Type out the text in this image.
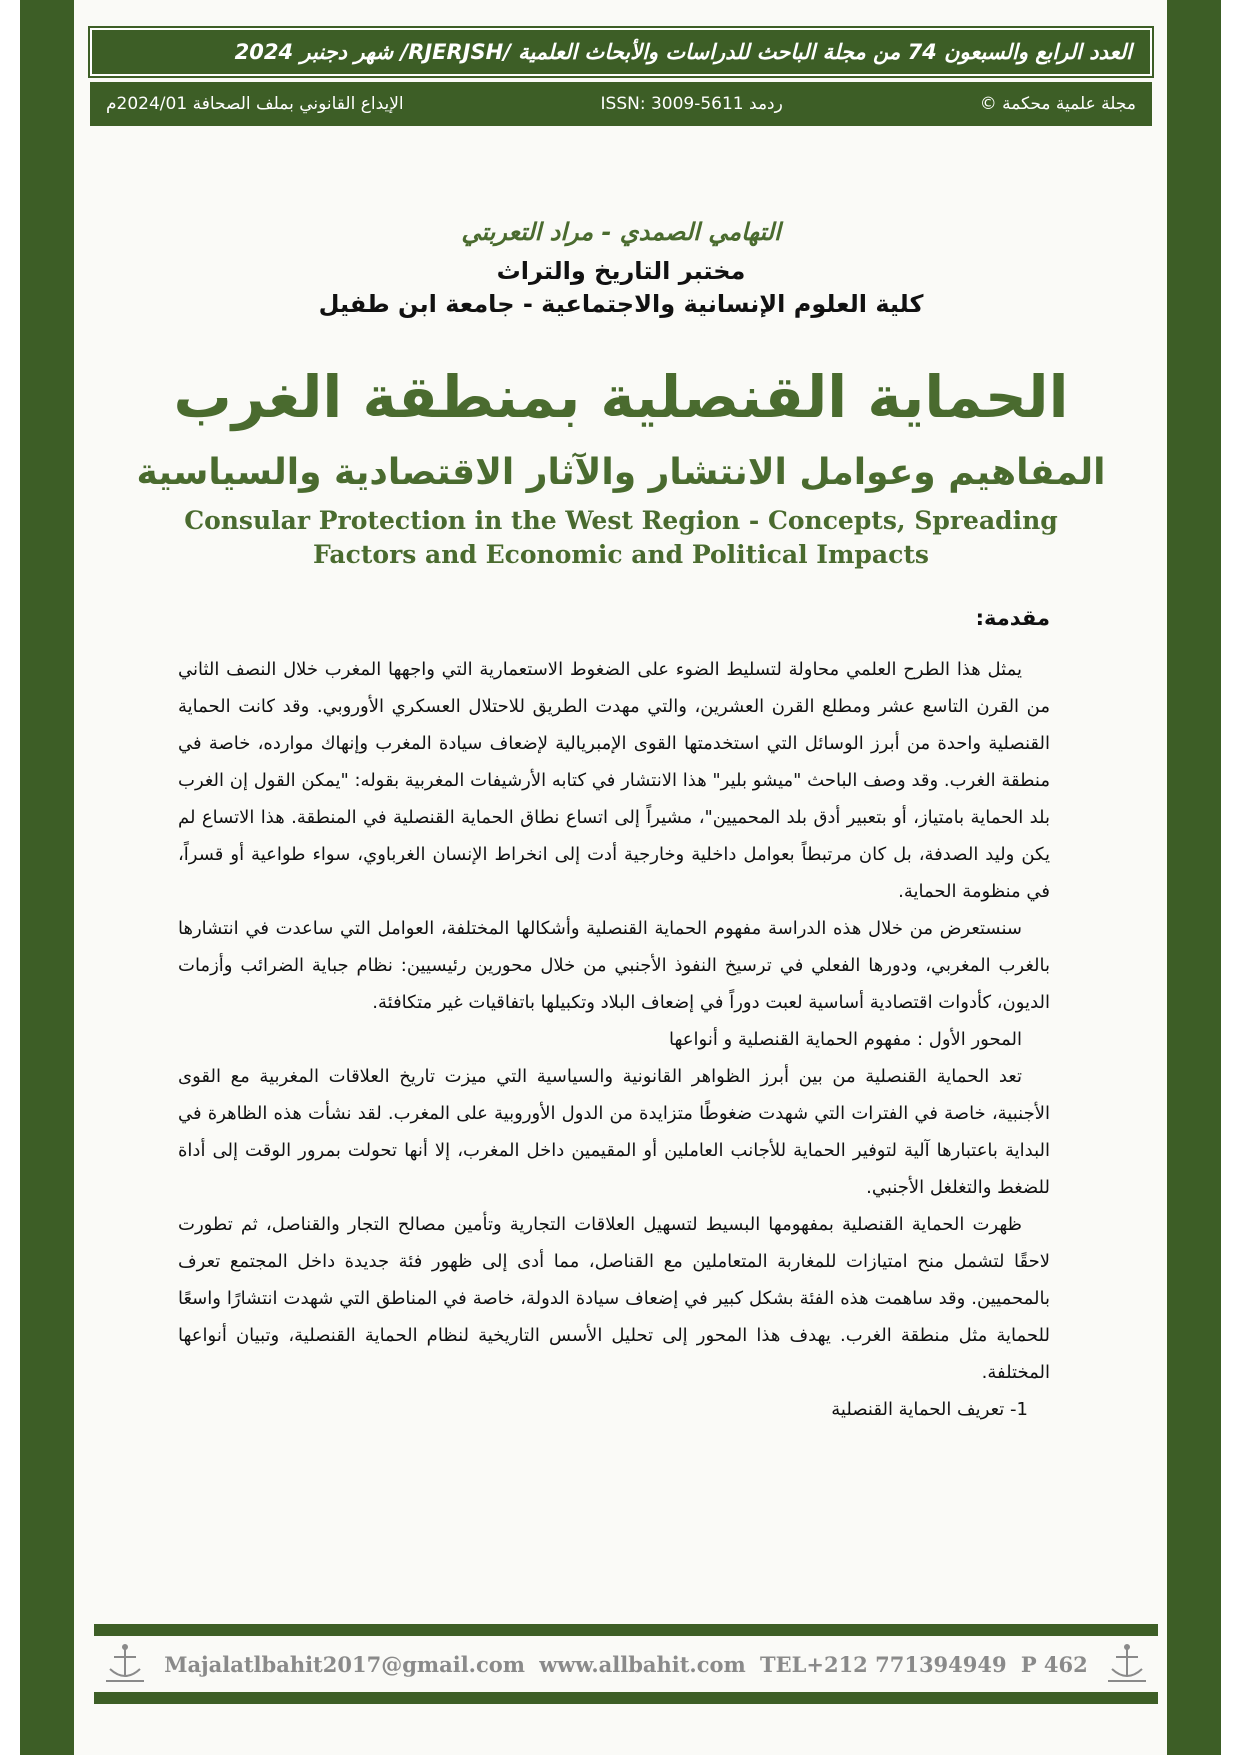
العدد الرابع والسبعون 74 من مجلة الباحث للدراسات والأبحاث العلمية /RJERJSH/ شهر دجنبر 2024
مجلة علمية محكمة ©
ردمد ISSN: 3009-5611
الإيداع القانوني بملف الصحافة 2024/01م
التهامي الصمدي - مراد التعربتي
مختبر التاريخ والتراث
كلية العلوم الإنسانية والاجتماعية - جامعة ابن طفيل
الحماية القنصلية بمنطقة الغرب
المفاهيم وعوامل الانتشار والآثار الاقتصادية والسياسية
Consular Protection in the West Region - Concepts, Spreading
Factors and Economic and Political Impacts
مقدمة:

يمثل هذا الطرح العلمي محاولة لتسليط الضوء على الضغوط الاستعمارية التي واجهها المغرب خلال النصف الثاني من القرن التاسع عشر ومطلع القرن العشرين، والتي مهدت الطريق للاحتلال العسكري الأوروبي. وقد كانت الحماية القنصلية واحدة من أبرز الوسائل التي استخدمتها القوى الإمبريالية لإضعاف سيادة المغرب وإنهاك موارده، خاصة في منطقة الغرب. وقد وصف الباحث "ميشو بلير" هذا الانتشار في كتابه الأرشيفات المغربية بقوله: "يمكن القول إن الغرب بلد الحماية بامتياز، أو بتعبير أدق بلد المحميين"، مشيراً إلى اتساع نطاق الحماية القنصلية في المنطقة. هذا الاتساع لم يكن وليد الصدفة، بل كان مرتبطاً بعوامل داخلية وخارجية أدت إلى انخراط الإنسان الغرباوي، سواء طواعية أو قسراً، في منظومة الحماية.

سنستعرض من خلال هذه الدراسة مفهوم الحماية القنصلية وأشكالها المختلفة، العوامل التي ساعدت في انتشارها بالغرب المغربي، ودورها الفعلي في ترسيخ النفوذ الأجنبي من خلال محورين رئيسيين: نظام جباية الضرائب وأزمات الديون، كأدوات اقتصادية أساسية لعبت دوراً في إضعاف البلاد وتكبيلها باتفاقيات غير متكافئة.

المحور الأول : مفهوم الحماية القنصلية و أنواعها

تعد الحماية القنصلية من بين أبرز الظواهر القانونية والسياسية التي ميزت تاريخ العلاقات المغربية مع القوى الأجنبية، خاصة في الفترات التي شهدت ضغوطًا متزايدة من الدول الأوروبية على المغرب. لقد نشأت هذه الظاهرة في البداية باعتبارها آلية لتوفير الحماية للأجانب العاملين أو المقيمين داخل المغرب، إلا أنها تحولت بمرور الوقت إلى أداة للضغط والتغلغل الأجنبي.

ظهرت الحماية القنصلية بمفهومها البسيط لتسهيل العلاقات التجارية وتأمين مصالح التجار والقناصل، ثم تطورت لاحقًا لتشمل منح امتيازات للمغاربة المتعاملين مع القناصل، مما أدى إلى ظهور فئة جديدة داخل المجتمع تعرف بالمحميين. وقد ساهمت هذه الفئة بشكل كبير في إضعاف سيادة الدولة، خاصة في المناطق التي شهدت انتشارًا واسعًا للحماية مثل منطقة الغرب. يهدف هذا المحور إلى تحليل الأسس التاريخية لنظام الحماية القنصلية، وتبيان أنواعها المختلفة.

1- تعريف الحماية القنصلية

Majalatlbahit2017@gmail.com www.allbahit.com TEL+212 771394949 P 462
